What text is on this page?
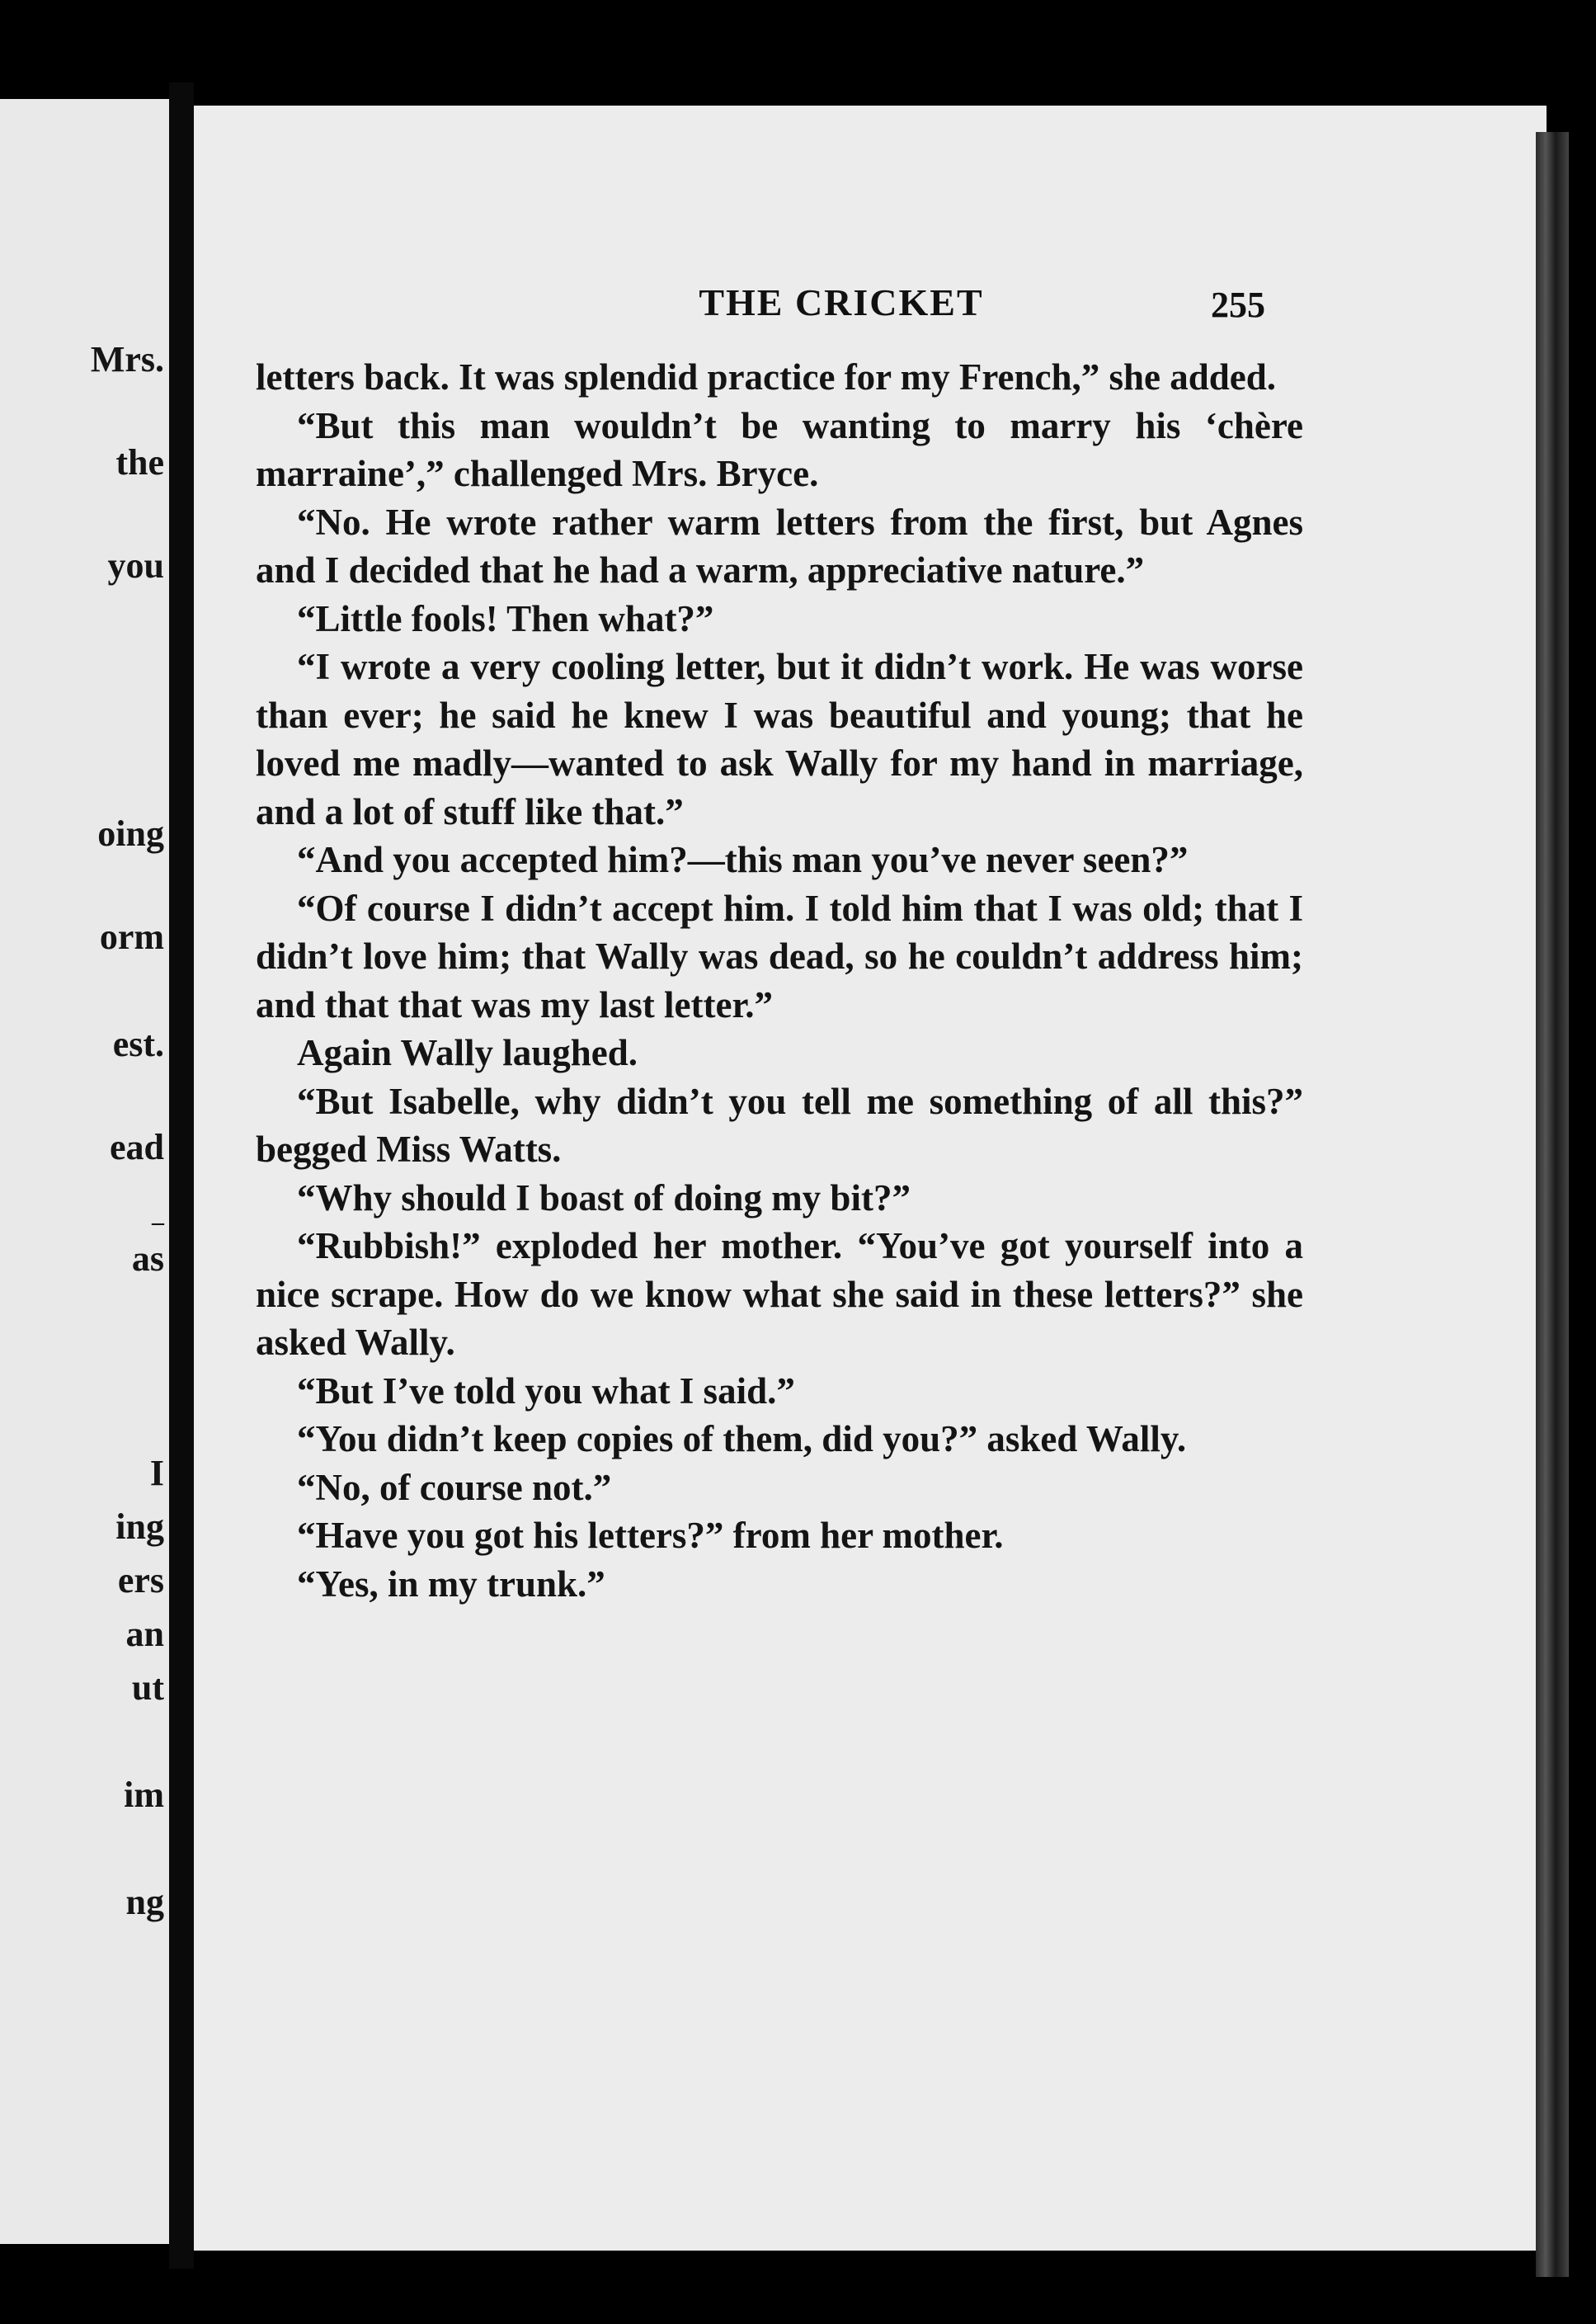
Mrs.
the
you
oing
orm
est.
ead
–
as
I
ing
ers
an
ut
im
ng
THE CRICKET	255

letters back. It was splendid practice for my French,” she added.

“But this man wouldn’t be wanting to marry his ‘chère marraine’,” challenged Mrs. Bryce.

“No. He wrote rather warm letters from the first, but Agnes and I decided that he had a warm, appreciative nature.”

“Little fools! Then what?”

“I wrote a very cooling letter, but it didn’t work. He was worse than ever; he said he knew I was beautiful and young; that he loved me madly—wanted to ask Wally for my hand in marriage, and a lot of stuff like that.”

“And you accepted him?—this man you’ve never seen?”

“Of course I didn’t accept him. I told him that I was old; that I didn’t love him; that Wally was dead, so he couldn’t address him; and that that was my last letter.”

Again Wally laughed.

“But Isabelle, why didn’t you tell me something of all this?” begged Miss Watts.

“Why should I boast of doing my bit?”

“Rubbish!” exploded her mother. “You’ve got yourself into a nice scrape. How do we know what she said in these letters?” she asked Wally.

“But I’ve told you what I said.”

“You didn’t keep copies of them, did you?” asked Wally.

“No, of course not.”

“Have you got his letters?” from her mother.

“Yes, in my trunk.”
